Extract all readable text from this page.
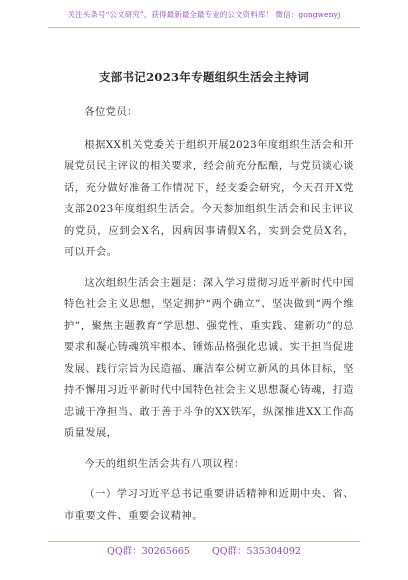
关注头条号“公文研究”，获得最新最全最专业的公文资料库！ 微信：gongwenyj
支部书记2023年专题组织生活会主持词

各位党员：

根据XX机关党委关于组织开展2023年度组织生活会和开展党员民主评议的相关要求，经会前充分酝酿，与党员谈心谈话，充分做好准备工作情况下，经支委会研究，今天召开X党支部2023年度组织生活会。今天参加组织生活会和民主评议的党员，应到会X名，因病因事请假X名，实到会党员X名，可以开会。

这次组织生活会主题是：深入学习贯彻习近平新时代中国特色社会主义思想，坚定拥护“两个确立”、坚决做到“两个维护”，聚焦主题教育“学思想、强党性、重实践、建新功”的总要求和凝心铸魂筑牢根本、锤炼品格强化忠诚、实干担当促进发展、践行宗旨为民造福、廉洁奉公树立新风的具体目标，坚持不懈用习近平新时代中国特色社会主义思想凝心铸魂，打造忠诚干净担当、敢于善于斗争的XX铁军，纵深推进XX工作高质量发展，

今天的组织生活会共有八项议程：

（一）学习习近平总书记重要讲话精神和近期中央、省、市重要文件、重要会议精神。

QQ群：30265665 QQ群：535304092
